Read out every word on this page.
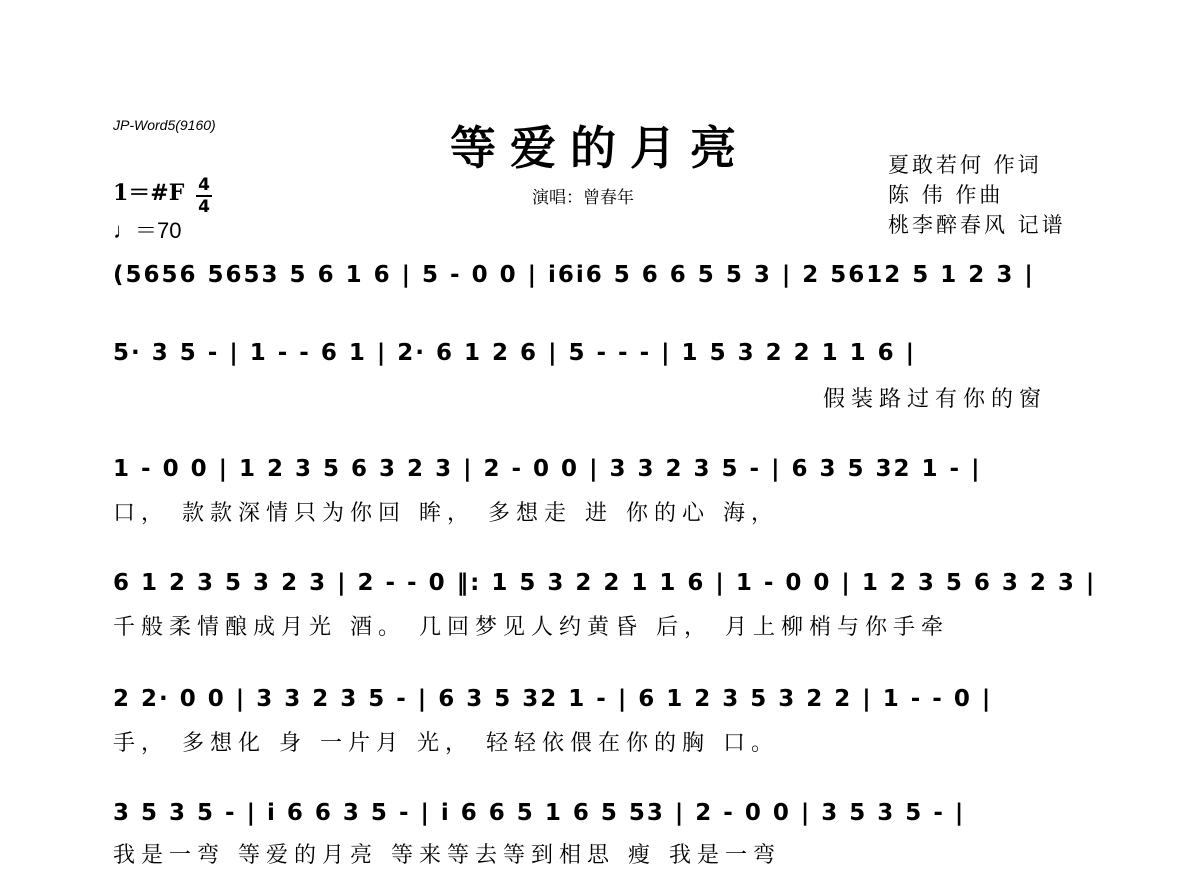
JP-Word5(9160)	等爱的月亮
演唱：曾春年
夏敢若何 作词
陈 伟 作曲
桃李醉春风 记谱
1＝#F 4
4
♩＝70
(5656 5653 5 6 1 6 | 5 - 0 0 | i6i6 5 6 6 5 5 3 | 2 5612 5 1 2 3 |
5· 3 5 - | 1 - - 6 1 | 2· 6 1 2 6 | 5 - - - | 1 5 3 2 2 1 1 6 |
假装路过有你的窗
1 - 0 0 | 1 2 3 5 6 3 2 3 | 2 - 0 0 | 3 3 2 3 5 - | 6 3 5 32 1 - |
口， 款款深情只为你回 眸， 多想走 进 你的心 海，
6 1 2 3 5 3 2 3 | 2 - - 0 ‖: 1 5 3 2 2 1 1 6 | 1 - 0 0 | 1 2 3 5 6 3 2 3 |
千般柔情酿成月光 酒。 几回梦见人约黄昏 后， 月上柳梢与你手牵
2 2· 0 0 | 3 3 2 3 5 - | 6 3 5 32 1 - | 6 1 2 3 5 3 2 2 | 1 - - 0 |
手， 多想化 身 一片月 光， 轻轻依偎在你的胸 口。
3 5 3 5 - | i 6 6 3 5 - | i 6 6 5 1 6 5 53 | 2 - 0 0 | 3 5 3 5 - |
我是一弯 等爱的月亮 等来等去等到相思 瘦 我是一弯
